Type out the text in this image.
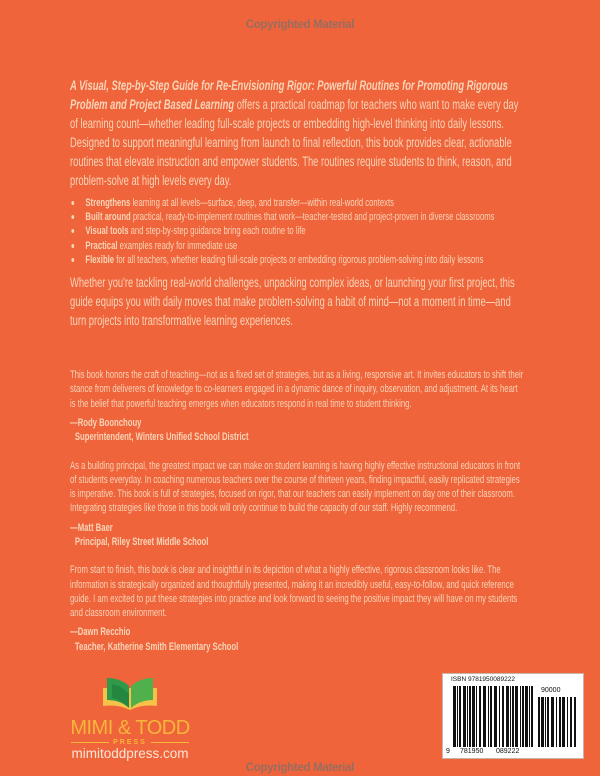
Copyrighted Material

A Visual, Step-by-Step Guide for Re-Envisioning Rigor: Powerful Routines for Promoting Rigorous Problem and Project Based Learning offers a practical roadmap for teachers who want to make every day of learning count—whether leading full-scale projects or embedding high-level thinking into daily lessons. Designed to support meaningful learning from launch to final reflection, this book provides clear, actionable routines that elevate instruction and empower students. The routines require students to think, reason, and problem-solve at high levels every day.

Strengthens learning at all levels—surface, deep, and transfer—within real-world contexts
Built around practical, ready-to-implement routines that work—teacher-tested and project-proven in diverse classrooms
Visual tools and step-by-step guidance bring each routine to life
Practical examples ready for immediate use
Flexible for all teachers, whether leading full-scale projects or embedding rigorous problem-solving into daily lessons

Whether you're tackling real-world challenges, unpacking complex ideas, or launching your first project, this guide equips you with daily moves that make problem-solving a habit of mind—not a moment in time—and turn projects into transformative learning experiences.

This book honors the craft of teaching—not as a fixed set of strategies, but as a living, responsive art. It invites educators to shift their stance from deliverers of knowledge to co-learners engaged in a dynamic dance of inquiry, observation, and adjustment. At its heart is the belief that powerful teaching emerges when educators respond in real time to student thinking.

—Rody Boonchouy
Superintendent, Winters Unified School District

As a building principal, the greatest impact we can make on student learning is having highly effective instructional educators in front of students everyday. In coaching numerous teachers over the course of thirteen years, finding impactful, easily replicated strategies is imperative. This book is full of strategies, focused on rigor, that our teachers can easily implement on day one of their classroom. Integrating strategies like those in this book will only continue to build the capacity of our staff. Highly recommend.

—Matt Baer
Principal, Riley Street Middle School

From start to finish, this book is clear and insightful in its depiction of what a highly effective, rigorous classroom looks like. The information is strategically organized and thoughtfully presented, making it an incredibly useful, easy-to-follow, and quick reference guide. I am excited to put these strategies into practice and look forward to seeing the positive impact they will have on my students and classroom environment.

—Dawn Recchio
Teacher, Katherine Smith Elementary School
MIMI & TODD
PRESS
mimitoddpress.com
Copyrighted Material
ISBN 9781950089222
90000
9 781950 089222
